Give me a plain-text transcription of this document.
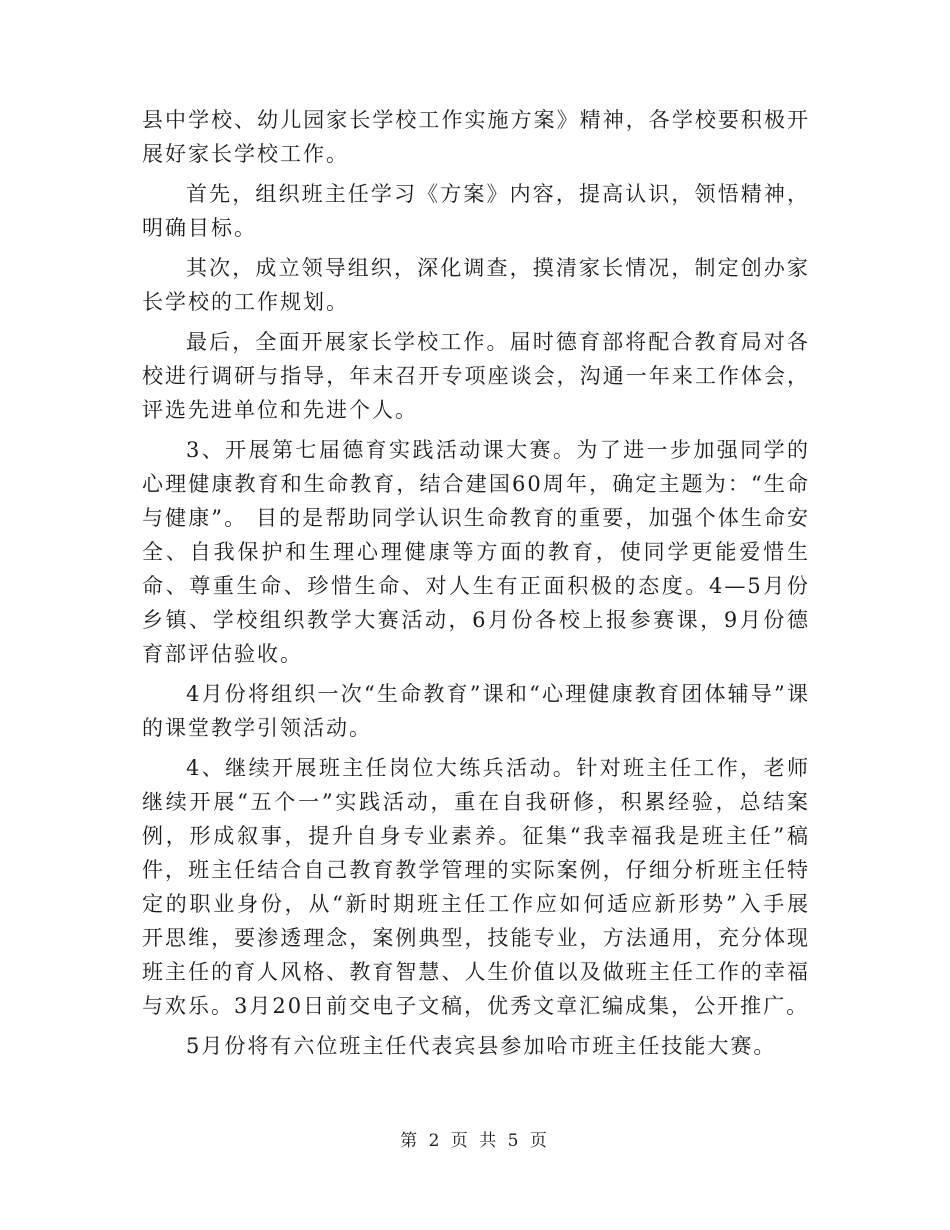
县中学校、幼儿园家长学校工作实施方案》精神，各学校要积极开展好家长学校工作。

首先，组织班主任学习《方案》内容，提高认识，领悟精神，明确目标。

其次，成立领导组织，深化调查，摸清家长情况，制定创办家长学校的工作规划。

最后，全面开展家长学校工作。届时德育部将配合教育局对各校进行调研与指导，年末召开专项座谈会，沟通一年来工作体会，评选先进单位和先进个人。

3、开展第七届德育实践活动课大赛。为了进一步加强同学的心理健康教育和生命教育，结合建国60周年，确定主题为：“生命与健康”。 目的是帮助同学认识生命教育的重要，加强个体生命安全、自我保护和生理心理健康等方面的教育，使同学更能爱惜生命、尊重生命、珍惜生命、对人生有正面积极的态度。4—5月份乡镇、学校组织教学大赛活动，6月份各校上报参赛课，9月份德育部评估验收。

4月份将组织一次“生命教育”课和“心理健康教育团体辅导”课的课堂教学引领活动。

4、继续开展班主任岗位大练兵活动。针对班主任工作，老师继续开展“五个一”实践活动，重在自我研修，积累经验，总结案例，形成叙事，提升自身专业素养。征集“我幸福我是班主任”稿件，班主任结合自己教育教学管理的实际案例，仔细分析班主任特定的职业身份，从“新时期班主任工作应如何适应新形势”入手展开思维，要渗透理念，案例典型，技能专业，方法通用，充分体现班主任的育人风格、教育智慧、人生价值以及做班主任工作的幸福与欢乐。3月20日前交电子文稿，优秀文章汇编成集，公开推广。

5月份将有六位班主任代表宾县参加哈市班主任技能大赛。

第 2 页 共 5 页
